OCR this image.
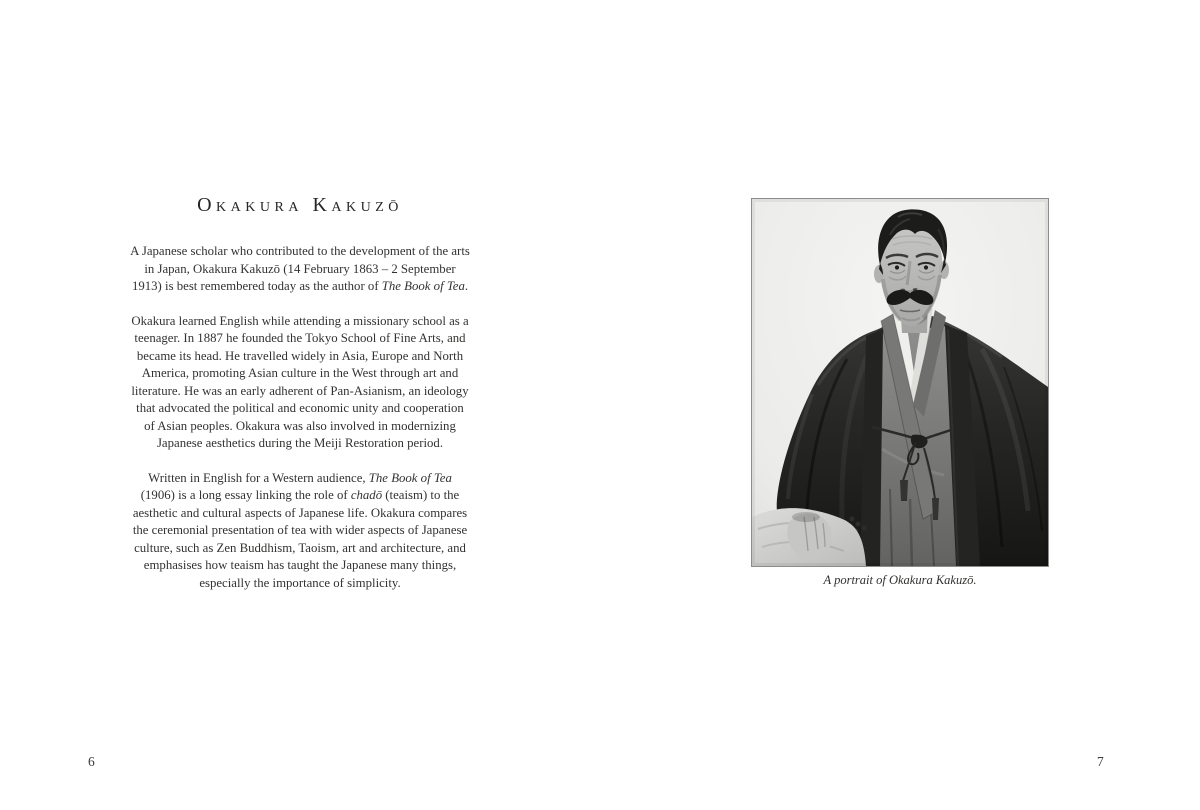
Okakura Kakuzō

A Japanese scholar who contributed to the development of the arts in Japan, Okakura Kakuzō (14 February 1863 – 2 September 1913) is best remembered today as the author of The Book of Tea.

Okakura learned English while attending a missionary school as a teenager. In 1887 he founded the Tokyo School of Fine Arts, and became its head. He travelled widely in Asia, Europe and North America, promoting Asian culture in the West through art and literature. He was an early adherent of Pan-Asianism, an ideology that advocated the political and economic unity and cooperation of Asian peoples. Okakura was also involved in modernizing Japanese aesthetics during the Meiji Restoration period.

Written in English for a Western audience, The Book of Tea (1906) is a long essay linking the role of chadō (teaism) to the aesthetic and cultural aspects of Japanese life. Okakura compares the ceremonial presentation of tea with wider aspects of Japanese culture, such as Zen Buddhism, Taoism, art and architecture, and emphasises how teaism has taught the Japanese many things, especially the importance of simplicity.

6
A portrait of Okakura Kakuzō.
7
